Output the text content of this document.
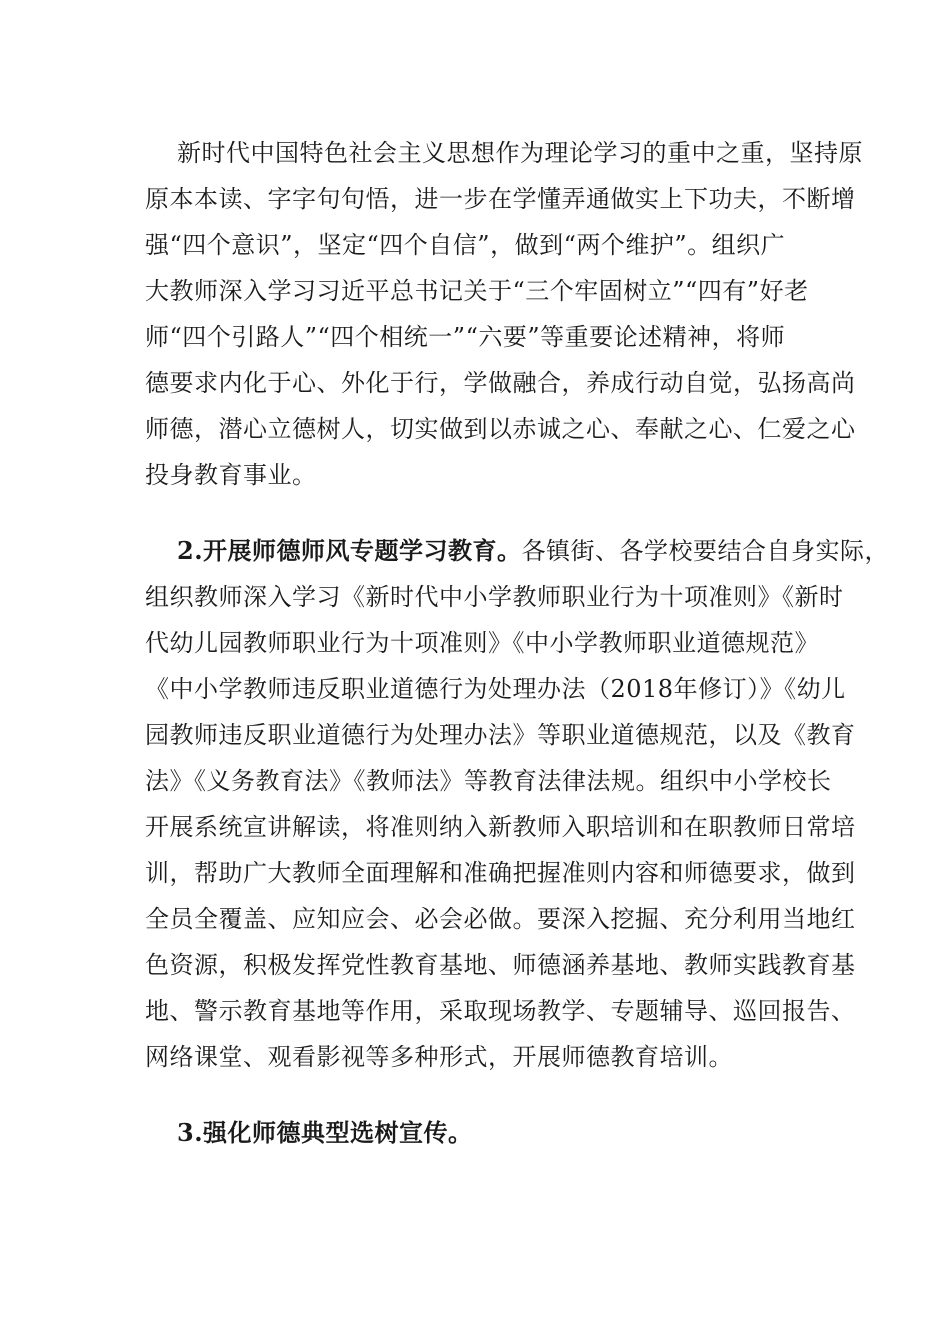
新时代中国特色社会主义思想作为理论学习的重中之重，坚持原
原本本读、字字句句悟，进一步在学懂弄通做实上下功夫，不断增
强“四个意识”，坚定“四个自信”，做到“两个维护”。组织广
大教师深入学习习近平总书记关于“三个牢固树立”“四有”好老
师“四个引路人”“四个相统一”“六要”等重要论述精神，将师
德要求内化于心、外化于行，学做融合，养成行动自觉，弘扬高尚
师德，潜心立德树人，切实做到以赤诚之心、奉献之心、仁爱之心
投身教育事业。
2.开展师德师风专题学习教育。各镇街、各学校要结合自身实际，
组织教师深入学习《新时代中小学教师职业行为十项准则》《新时
代幼儿园教师职业行为十项准则》《中小学教师职业道德规范》
《中小学教师违反职业道德行为处理办法（2018年修订）》《幼儿
园教师违反职业道德行为处理办法》等职业道德规范，以及《教育
法》《义务教育法》《教师法》等教育法律法规。组织中小学校长
开展系统宣讲解读，将准则纳入新教师入职培训和在职教师日常培
训，帮助广大教师全面理解和准确把握准则内容和师德要求，做到
全员全覆盖、应知应会、必会必做。要深入挖掘、充分利用当地红
色资源，积极发挥党性教育基地、师德涵养基地、教师实践教育基
地、警示教育基地等作用，采取现场教学、专题辅导、巡回报告、
网络课堂、观看影视等多种形式，开展师德教育培训。
3.强化师德典型选树宣传。
